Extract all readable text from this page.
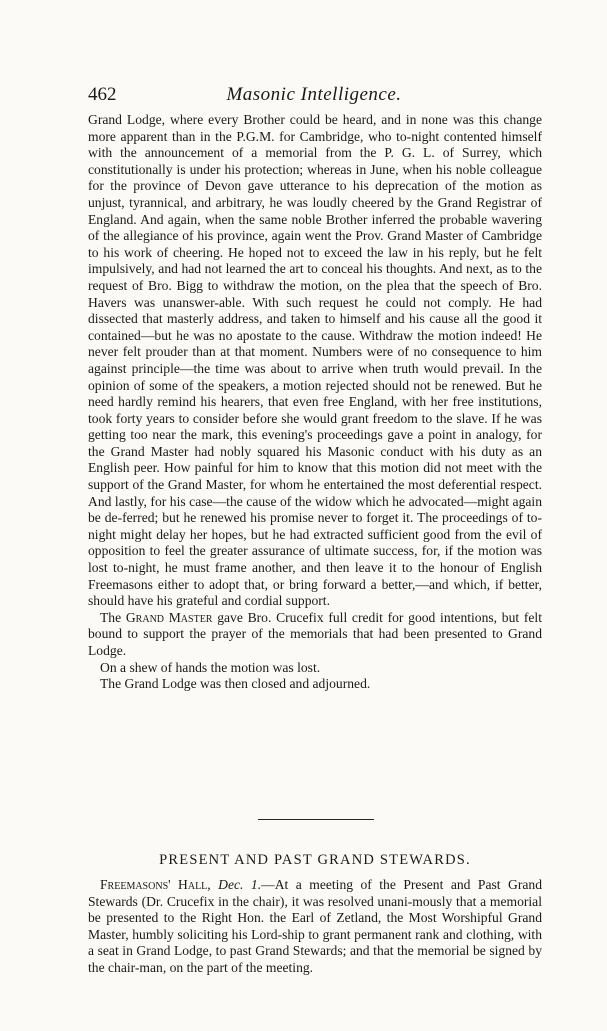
462	Masonic Intelligence.

Grand Lodge, where every Brother could be heard, and in none was this change more apparent than in the P.G.M. for Cambridge, who to-night contented himself with the announcement of a memorial from the P. G. L. of Surrey, which constitutionally is under his protection; whereas in June, when his noble colleague for the province of Devon gave utterance to his deprecation of the motion as unjust, tyrannical, and arbitrary, he was loudly cheered by the Grand Registrar of England. And again, when the same noble Brother inferred the probable wavering of the allegiance of his province, again went the Prov. Grand Master of Cambridge to his work of cheering. He hoped not to exceed the law in his reply, but he felt impulsively, and had not learned the art to conceal his thoughts. And next, as to the request of Bro. Bigg to withdraw the motion, on the plea that the speech of Bro. Havers was unanswer-able. With such request he could not comply. He had dissected that masterly address, and taken to himself and his cause all the good it contained—but he was no apostate to the cause. Withdraw the motion indeed! He never felt prouder than at that moment. Numbers were of no consequence to him against principle—the time was about to arrive when truth would prevail. In the opinion of some of the speakers, a motion rejected should not be renewed. But he need hardly remind his hearers, that even free England, with her free institutions, took forty years to consider before she would grant freedom to the slave. If he was getting too near the mark, this evening's proceedings gave a point in analogy, for the Grand Master had nobly squared his Masonic conduct with his duty as an English peer. How painful for him to know that this motion did not meet with the support of the Grand Master, for whom he entertained the most deferential respect. And lastly, for his case—the cause of the widow which he advocated—might again be de-ferred; but he renewed his promise never to forget it. The proceedings of to-night might delay her hopes, but he had extracted sufficient good from the evil of opposition to feel the greater assurance of ultimate success, for, if the motion was lost to-night, he must frame another, and then leave it to the honour of English Freemasons either to adopt that, or bring forward a better,—and which, if better, should have his grateful and cordial support.

The Grand Master gave Bro. Crucefix full credit for good intentions, but felt bound to support the prayer of the memorials that had been presented to Grand Lodge.

On a shew of hands the motion was lost.

The Grand Lodge was then closed and adjourned.

PRESENT AND PAST GRAND STEWARDS.

Freemasons' Hall, Dec. 1.—At a meeting of the Present and Past Grand Stewards (Dr. Crucefix in the chair), it was resolved unani-mously that a memorial be presented to the Right Hon. the Earl of Zetland, the Most Worshipful Grand Master, humbly soliciting his Lord-ship to grant permanent rank and clothing, with a seat in Grand Lodge, to past Grand Stewards; and that the memorial be signed by the chair-man, on the part of the meeting.
